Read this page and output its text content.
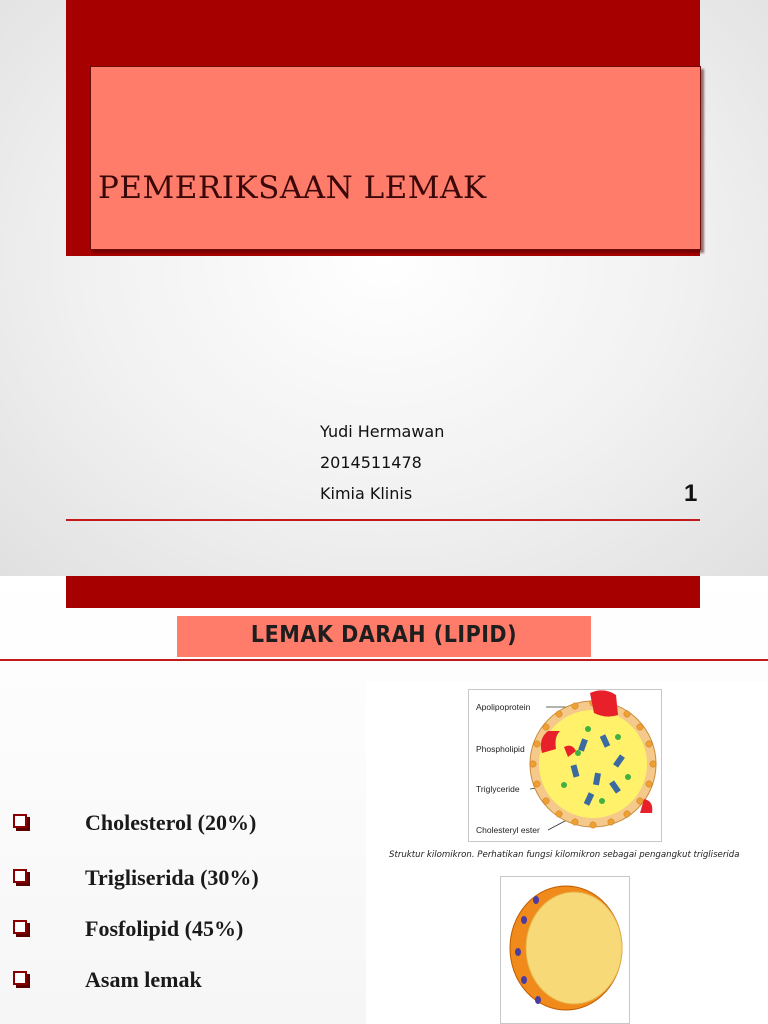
PEMERIKSAAN LEMAK
Yudi Hermawan
2014511478
Kimia Klinis	1
LEMAK DARAH (LIPID)
Cholesterol (20%)
Trigliserida (30%)
Fosfolipid (45%)
Asam lemak
Apolipoprotein
Phospholipid
Triglyceride
Cholesteryl ester
Struktur kilomikron. Perhatikan fungsi kilomikron sebagai pengangkut trigliserida
